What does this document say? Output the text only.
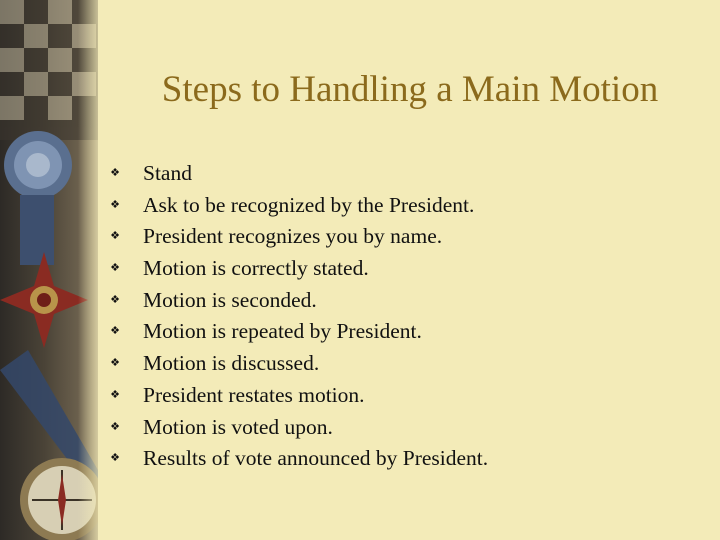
Steps to Handling a Main Motion
❖
Stand
❖
Ask to be recognized by the President.
❖
President recognizes you by name.
❖
Motion is correctly stated.
❖
Motion is seconded.
❖
Motion is repeated by President.
❖
Motion is discussed.
❖
President restates motion.
❖
Motion is voted upon.
❖
Results of vote announced by President.
